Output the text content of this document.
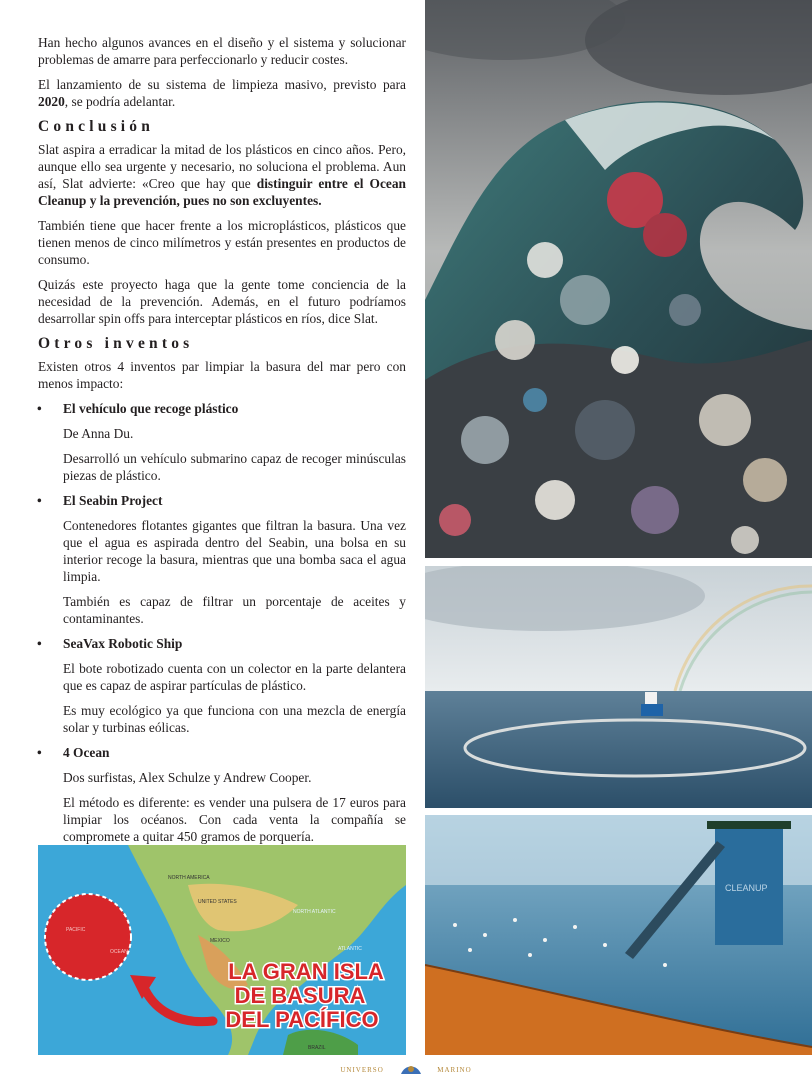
Han hecho algunos avances en el diseño y el sistema y solucionar problemas de amarre para perfeccionarlo y reducir costes.

El lanzamiento de su sistema de limpieza masivo, previsto para 2020, se podría adelantar.

Conclusión

Slat aspira a erradicar la mitad de los plásticos en cinco años. Pero, aunque ello sea urgente y necesario, no soluciona el problema. Aun así, Slat advierte: «Creo que hay que distinguir entre el Ocean Cleanup y la prevención, pues no son excluyentes.

También tiene que hacer frente a los microplásticos, plásticos que tienen menos de cinco milímetros y están presentes en productos de consumo.

Quizás este proyecto haga que la gente tome conciencia de la necesidad de la prevención. Además, en el futuro podríamos desarrollar spin offs para interceptar plásticos en ríos, dice Slat.

Otros inventos

Existen otros 4 inventos par limpiar la basura del mar pero con menos impacto:

•	El vehículo que recoge plástico

De Anna Du.

Desarrolló un vehículo submarino capaz de recoger minúsculas piezas de plástico.

•	El Seabin Project

Contenedores flotantes gigantes que filtran la basura. Una vez que el agua es aspirada dentro del Seabin, una bolsa en su interior recoge la basura, mientras que una bomba saca el agua limpia.

También es capaz de filtrar un porcentaje de aceites y contaminantes.

•	SeaVax Robotic Ship

El bote robotizado cuenta con un colector en la parte delantera que es capaz de aspirar partículas de plástico.

Es muy ecológico ya que funciona con una mezcla de energía solar y turbinas eólicas.

•	4 Ocean

Dos surfistas, Alex Schulze y Andrew Cooper.

El método es diferente: es vender una pulsera de 17 euros para limpiar los océanos. Con cada venta la compañía se compromete a quitar 450 gramos de porquería.

CLEANUP
NORTH AMERICA
UNITED STATES
MEXICO
NORTH ATLANTIC
ATLANTIC
BRAZIL
PACIFIC
OCEAN
LA GRAN ISLA
DE BASURA
DEL PACÍFICO
UNIVERSO	MARINO
